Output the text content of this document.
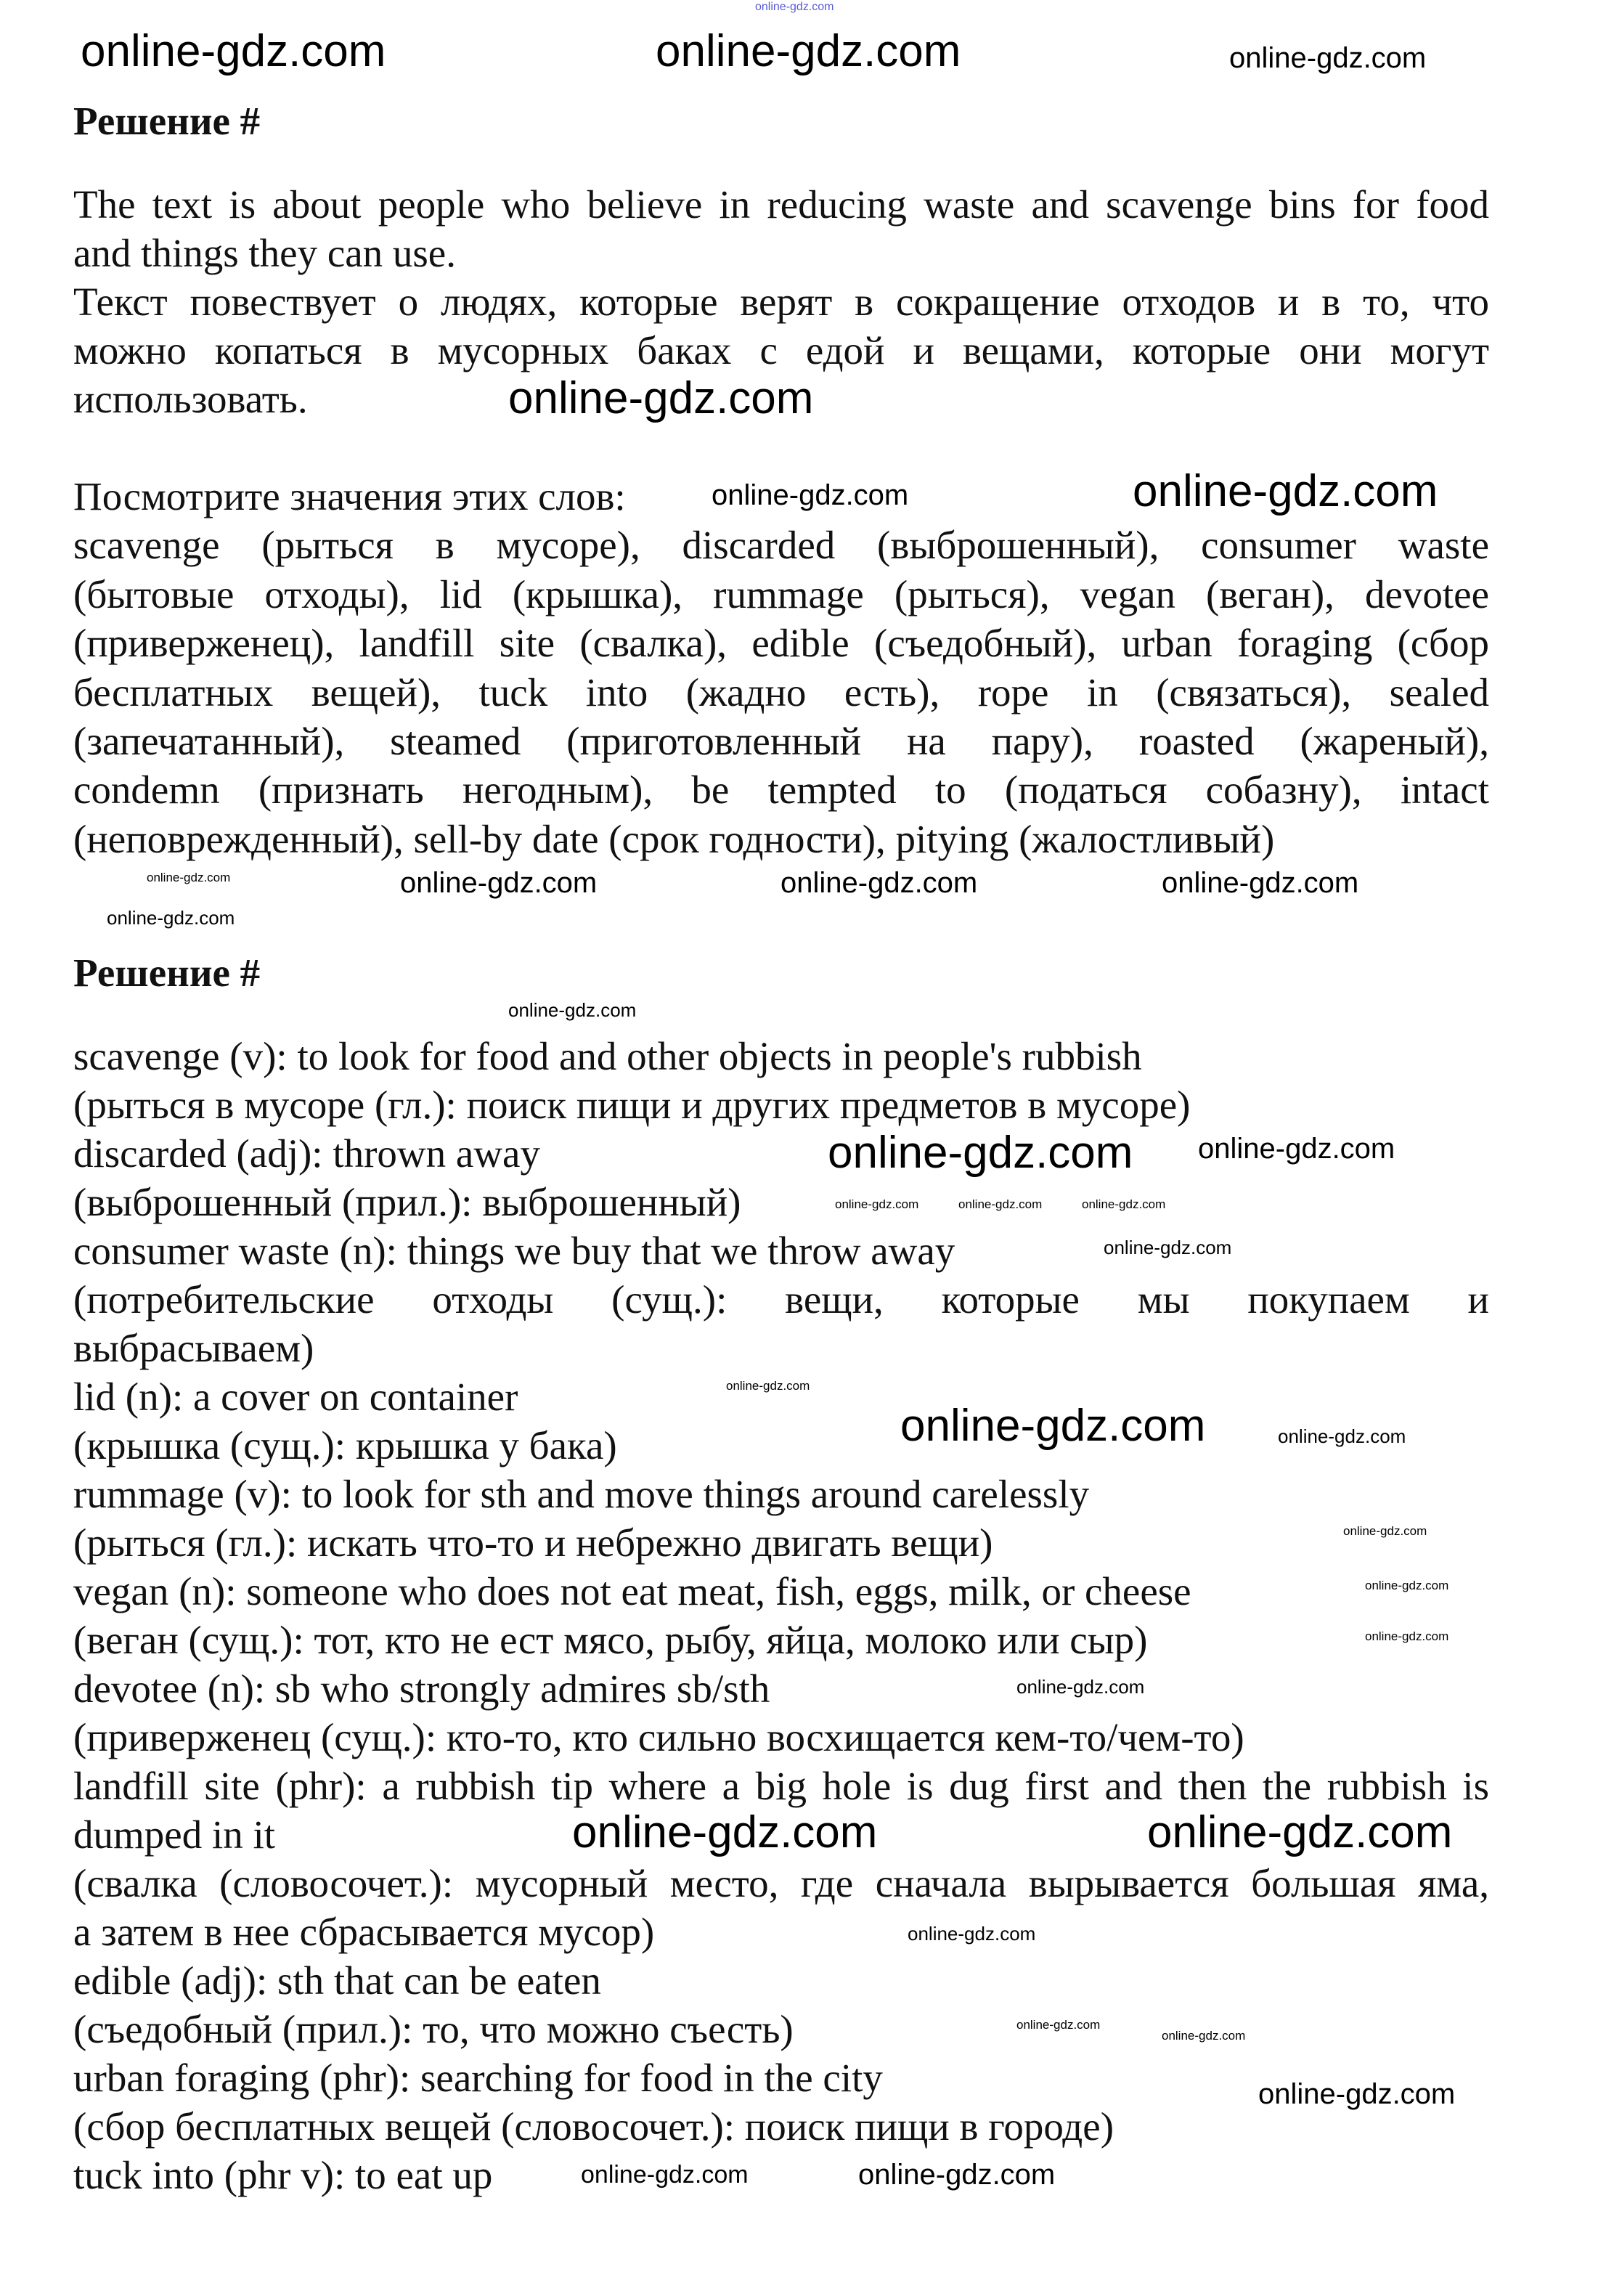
Решение #
The text is about people who believe in reducing waste and scavenge bins for food
and things they can use.
Текст повествует о людях, которые верят в сокращение отходов и в то, что
можно копаться в мусорных баках с едой и вещами, которые они могут
использовать.
Посмотрите значения этих слов:
scavenge (рыться в мусоре), discarded (выброшенный), consumer waste
(бытовые отходы), lid (крышка), rummage (рыться), vegan (веган), devotee
(приверженец), landfill site (свалка), edible (съедобный), urban foraging (сбор
бесплатных вещей), tuck into (жадно есть), rope in (связаться), sealed
(запечатанный), steamed (приготовленный на пару), roasted (жареный),
condemn (признать негодным), be tempted to (податься собазну), intact
(неповрежденный), sell-by date (срок годности), pitying (жалостливый)
Решение #
scavenge (v): to look for food and other objects in people's rubbish
(рыться в мусоре (гл.): поиск пищи и других предметов в мусоре)
discarded (adj): thrown away
(выброшенный (прил.): выброшенный)
consumer waste (n): things we buy that we throw away
(потребительские отходы (сущ.): вещи, которые мы покупаем и
выбрасываем)
lid (n): a cover on container
(крышка (сущ.): крышка у бака)
rummage (v): to look for sth and move things around carelessly
(рыться (гл.): искать что-то и небрежно двигать вещи)
vegan (n): someone who does not eat meat, fish, eggs, milk, or cheese
(веган (сущ.): тот, кто не ест мясо, рыбу, яйца, молоко или сыр)
devotee (n): sb who strongly admires sb/sth
(приверженец (сущ.): кто-то, кто сильно восхищается кем-то/чем-то)
landfill site (phr): a rubbish tip where a big hole is dug first and then the rubbish is
dumped in it
(свалка (словосочет.): мусорный место, где сначала вырывается большая яма,
а затем в нее сбрасывается мусор)
edible (adj): sth that can be eaten
(съедобный (прил.): то, что можно съесть)
urban foraging (phr): searching for food in the city
(сбор бесплатных вещей (словосочет.): поиск пищи в городе)
tuck into (phr v): to eat up
online-gdz.com
online-gdz.com	online-gdz.com	online-gdz.com
online-gdz.com
online-gdz.com	online-gdz.com
online-gdz.com	online-gdz.com	online-gdz.com	online-gdz.com
online-gdz.com
online-gdz.com
online-gdz.com online-gdz.com
online-gdz.com	online-gdz.com	online-gdz.com
online-gdz.com
online-gdz.com
online-gdz.com
online-gdz.com
online-gdz.com
online-gdz.com
online-gdz.com
online-gdz.com
online-gdz.com	online-gdz.com
online-gdz.com
online-gdz.com
online-gdz.com
online-gdz.com
online-gdz.com	online-gdz.com
